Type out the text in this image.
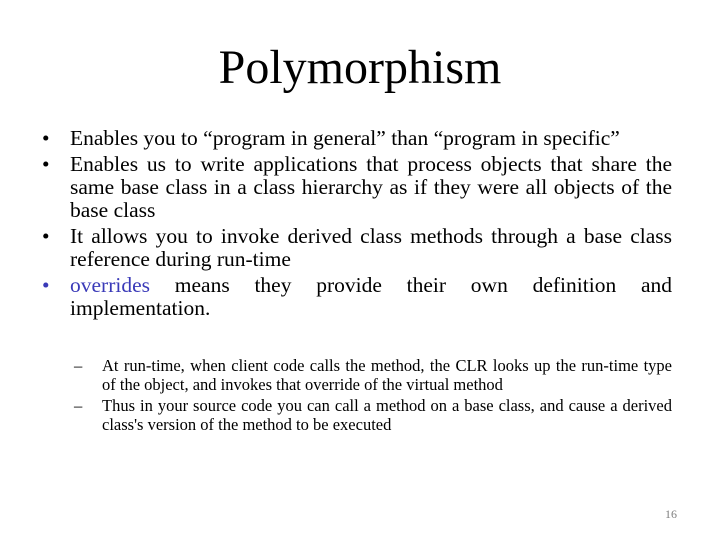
Polymorphism
• Enables you to “program in general” than “program in specific”
• Enables us to write applications that process objects that share the same base class in a class hierarchy as if they were all objects of the base class
• It allows you to invoke derived class methods through a base class reference during run-time
• overrides means they provide their own definition and implementation.
– At run-time, when client code calls the method, the CLR looks up the run-time type of the object, and invokes that override of the virtual method
– Thus in your source code you can call a method on a base class, and cause a derived class's version of the method to be executed
16
